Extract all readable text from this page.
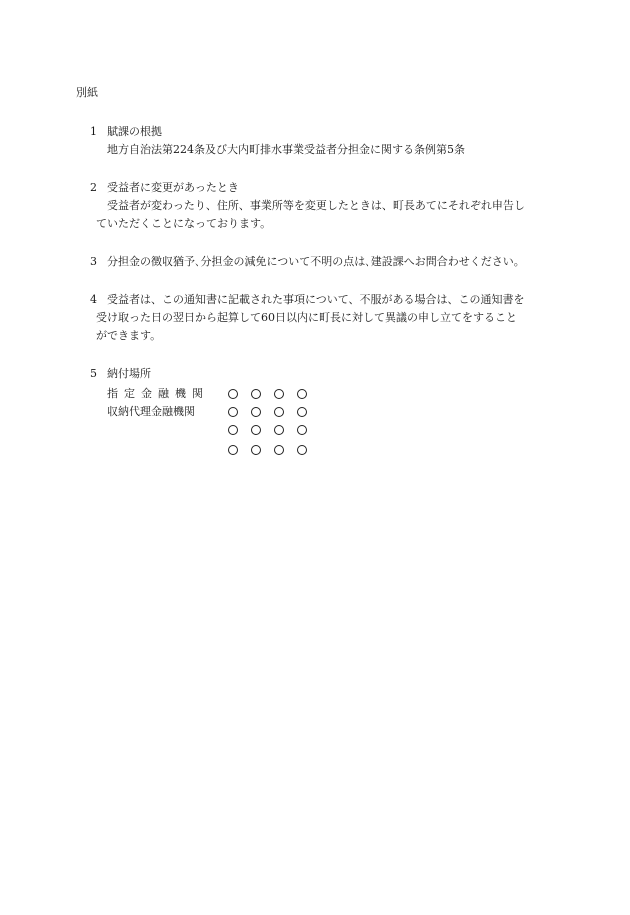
別紙
1 賦課の根拠
地方自治法第224条及び大内町排水事業受益者分担金に関する条例第5条
2 受益者に変更があったとき
受益者が変わったり、住所、事業所等を変更したときは、町長あてにそれぞれ申告し
ていただくことになっております。
3 分担金の徴収猶予､分担金の減免について不明の点は､建設課へお問合わせください。
4 受益者は、この通知書に記載された事項について、不服がある場合は、この通知書を
受け取った日の翌日から起算して60日以内に町長に対して異議の申し立てをすること
ができます。
5 納付場所
指 定 金 融 機 関
収納代理金融機関
